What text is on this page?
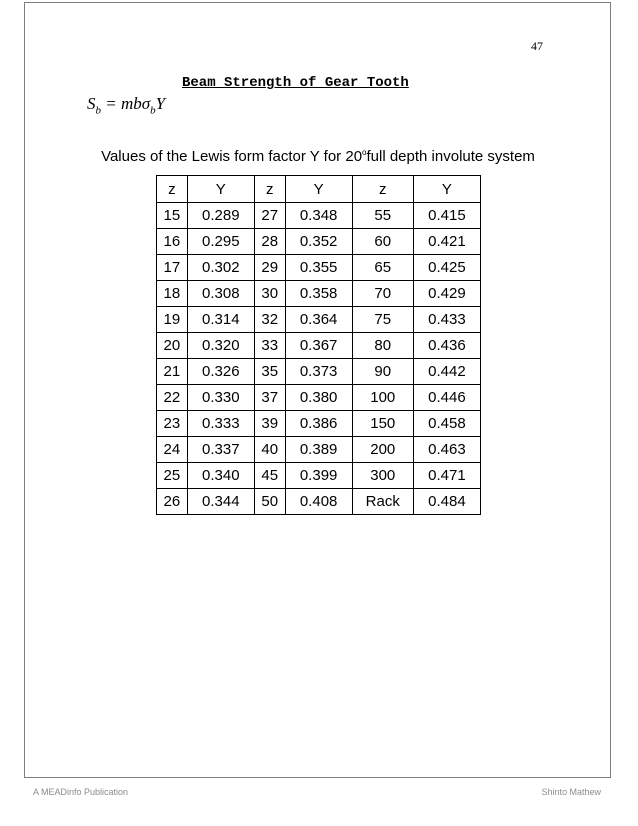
47
Beam Strength of Gear Tooth
$S_b = mb\sigma_bY$
Values of the Lewis form factor Y for 20$^o$full depth involute system
z	Y	z	Y	z	Y
15	0.289	27	0.348	55	0.415
16	0.295	28	0.352	60	0.421
17	0.302	29	0.355	65	0.425
18	0.308	30	0.358	70	0.429
19	0.314	32	0.364	75	0.433
20	0.320	33	0.367	80	0.436
21	0.326	35	0.373	90	0.442
22	0.330	37	0.380	100	0.446
23	0.333	39	0.386	150	0.458
24	0.337	40	0.389	200	0.463
25	0.340	45	0.399	300	0.471
26	0.344	50	0.408	Rack	0.484
A MEADinfo Publication	Shinto Mathew
